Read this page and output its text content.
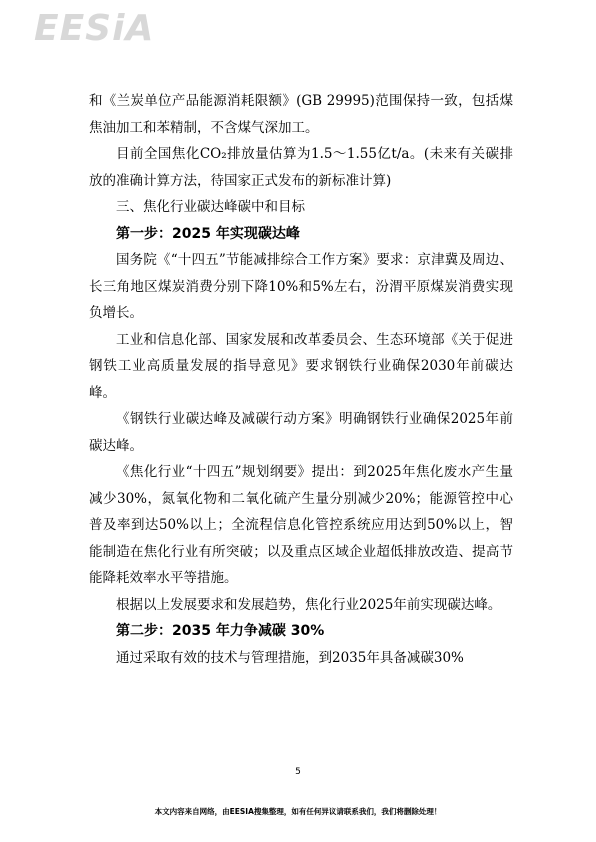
EESiA

和《兰炭单位产品能源消耗限额》(GB 29995)范围保持一致，包括煤焦油加工和苯精制，不含煤气深加工。

目前全国焦化CO₂排放量估算为1.5～1.55亿t/a。(未来有关碳排放的准确计算方法，待国家正式发布的新标准计算)

三、焦化行业碳达峰碳中和目标

第一步：2025 年实现碳达峰

国务院《“十四五”节能减排综合工作方案》要求：京津冀及周边、长三角地区煤炭消费分别下降10%和5%左右，汾渭平原煤炭消费实现负增长。

工业和信息化部、国家发展和改革委员会、生态环境部《关于促进钢铁工业高质量发展的指导意见》要求钢铁行业确保2030年前碳达峰。

《钢铁行业碳达峰及减碳行动方案》明确钢铁行业确保2025年前碳达峰。

《焦化行业“十四五”规划纲要》提出：到2025年焦化废水产生量减少30%，氮氧化物和二氧化硫产生量分别减少20%；能源管控中心普及率到达50%以上；全流程信息化管控系统应用达到50%以上，智能制造在焦化行业有所突破；以及重点区域企业超低排放改造、提高节能降耗效率水平等措施。

根据以上发展要求和发展趋势，焦化行业2025年前实现碳达峰。

第二步：2035 年力争减碳 30%

通过采取有效的技术与管理措施，到2035年具备减碳30%

5
本文内容来自网络，由EESIA搜集整理，如有任何异议请联系我们，我们将删除处理！
